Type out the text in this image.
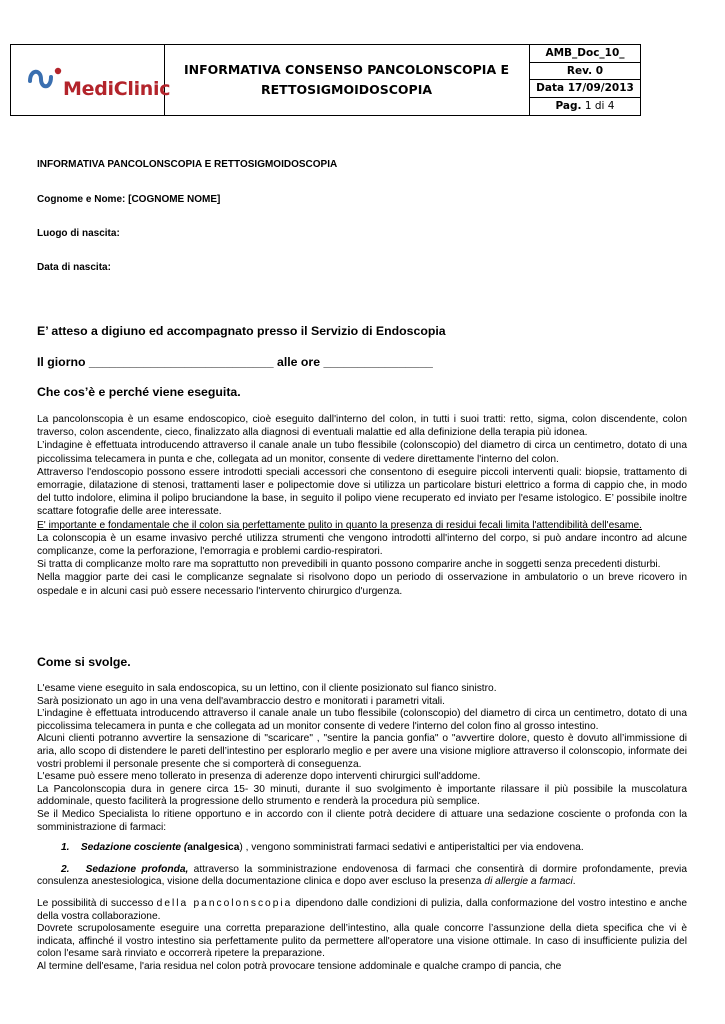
MediClinic
INFORMATIVA CONSENSO PANCOLONSCOPIA E
RETTOSIGMOIDOSCOPIA
AMB_Doc_10_
Rev. 0
Data 17/09/2013
Pag. 1 di 4
INFORMATIVA PANCOLONSCOPIA E RETTOSIGMOIDOSCOPIA
Cognome e Nome: [COGNOME NOME]
Luogo di nascita:
Data di nascita:
E’ atteso a digiuno ed accompagnato presso il Servizio di Endoscopia
Il giorno ___________________________ alle ore ________________
Che cos’è e perché viene eseguita.

La pancolonscopia è un esame endoscopico, cioè eseguito dall'interno del colon, in tutti i suoi tratti: retto, sigma, colon discendente, colon traverso, colon ascendente, cieco, finalizzato alla diagnosi di eventuali malattie ed alla definizione della terapia più idonea.

L’indagine è effettuata introducendo attraverso il canale anale un tubo flessibile (colonscopio) del diametro di circa un centimetro, dotato di una piccolissima telecamera in punta e che, collegata ad un monitor, consente di vedere direttamente l'interno del colon.

Attraverso l'endoscopio possono essere introdotti speciali accessori che consentono di eseguire piccoli interventi quali: biopsie, trattamento di emorragie, dilatazione di stenosi, trattamenti laser e polipectomie dove si utilizza un particolare bisturi elettrico a forma di cappio che, in modo del tutto indolore, elimina il polipo bruciandone la base, in seguito il polipo viene recuperato ed inviato per l'esame istologico. E’ possibile inoltre scattare fotografie delle aree interessate.

E' importante e fondamentale che il colon sia perfettamente pulito in quanto la presenza di residui fecali limita l'attendibilità dell'esame.

La colonscopia è un esame invasivo perché utilizza strumenti che vengono introdotti all'interno del corpo, si può andare incontro ad alcune complicanze, come la perforazione, l'emorragia e problemi cardio-respiratori.

Si tratta di complicanze molto rare ma soprattutto non prevedibili in quanto possono comparire anche in soggetti senza precedenti disturbi.

Nella maggior parte dei casi le complicanze segnalate si risolvono dopo un periodo di osservazione in ambulatorio o un breve ricovero in ospedale e in alcuni casi può essere necessario l'intervento chirurgico d'urgenza.

Come si svolge.

L'esame viene eseguito in sala endoscopica, su un lettino, con il cliente posizionato sul fianco sinistro.

Sarà posizionato un ago in una vena dell'avambraccio destro e monitorati i parametri vitali.

L’indagine è effettuata introducendo attraverso il canale anale un tubo flessibile (colonscopio) del diametro di circa un centimetro, dotato di una piccolissima telecamera in punta e che collegata ad un monitor consente di vedere l'interno del colon fino al grosso intestino.

Alcuni clienti potranno avvertire la sensazione di "scaricare" , "sentire la pancia gonfia" o "avvertire dolore, questo è dovuto all’immissione di aria, allo scopo di distendere le pareti dell’intestino per esplorarlo meglio e per avere una visione migliore attraverso il colonscopio, informate dei vostri problemi il personale presente che si comporterà di conseguenza.

L'esame può essere meno tollerato in presenza di aderenze dopo interventi chirurgici sull'addome.

La Pancolonscopia dura in genere circa 15- 30 minuti, durante il suo svolgimento è importante rilassare il più possibile la muscolatura addominale, questo faciliterà la progressione dello strumento e renderà la procedura più semplice.

Se il Medico Specialista lo ritiene opportuno e in accordo con il cliente potrà decidere di attuare una sedazione cosciente o profonda con la somministrazione di farmaci:

1. Sedazione cosciente (analgesica) , vengono somministrati farmaci sedativi e antiperistaltici per via endovena.

2. Sedazione profonda, attraverso la somministrazione endovenosa di farmaci che consentirà di dormire profondamente, previa consulenza anestesiologica, visione della documentazione clinica e dopo aver escluso la presenza di allergie a farmaci.

Le possibilità di successo della pancolonscopia dipendono dalle condizioni di pulizia, dalla conformazione del vostro intestino e anche della vostra collaborazione.

Dovrete scrupolosamente eseguire una corretta preparazione dell’intestino, alla quale concorre l’assunzione della dieta specifica che vi è indicata, affinché il vostro intestino sia perfettamente pulito da permettere all'operatore una visione ottimale. In caso di insufficiente pulizia del colon l'esame sarà rinviato e occorrerà ripetere la preparazione.

Al termine dell'esame, l'aria residua nel colon potrà provocare tensione addominale e qualche crampo di pancia, che
